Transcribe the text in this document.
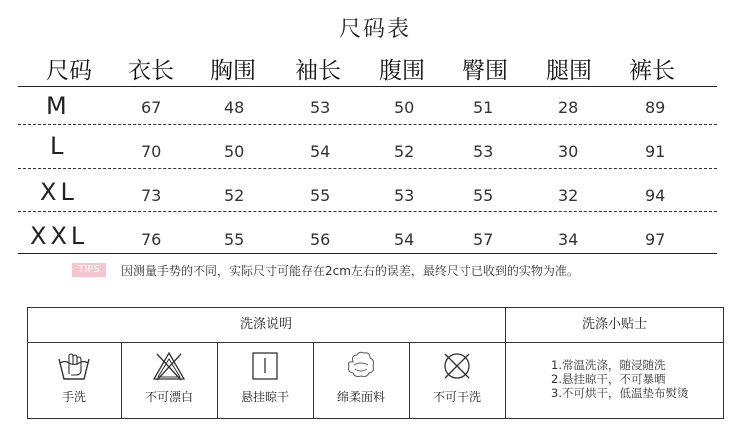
尺码表
尺码 衣长 胸围 袖长 腹围 臀围 腿围 裤长
M	67	48	53	50	51	28	89
L	70	50	54	52	53	30	91
XL	73	52	55	53	55	32	94
XXL	76	55	56	54	57	34	97
TIPS	因测量手势的不同，实际尺寸可能存在2cm左右的误差，最终尺寸已收到的实物为准。
洗涤说明	洗涤小贴士
手洗	不可漂白	悬挂晾干	绵柔面料	不可干洗
1.常温洗涤，随浸随洗
2.悬挂晾干，不可暴晒
3.不可烘干，低温垫布熨烫
